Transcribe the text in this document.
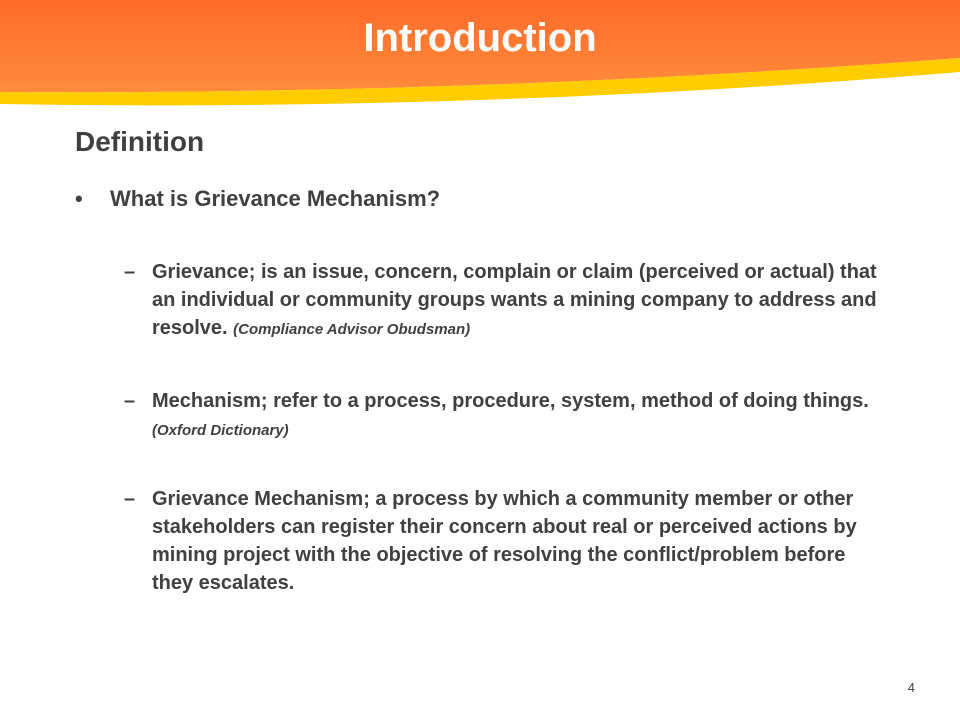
Introduction
Definition
•	What is Grievance Mechanism?
– Grievance; is an issue, concern, complain or claim (perceived or actual) that an individual or community groups wants a mining company to address and resolve. (Compliance Advisor Obudsman)
– Mechanism; refer to a process, procedure, system, method of doing things. (Oxford Dictionary)
– Grievance Mechanism; a process by which a community member or other stakeholders can register their concern about real or perceived actions by mining project with the objective of resolving the conflict/problem before they escalates.
4
